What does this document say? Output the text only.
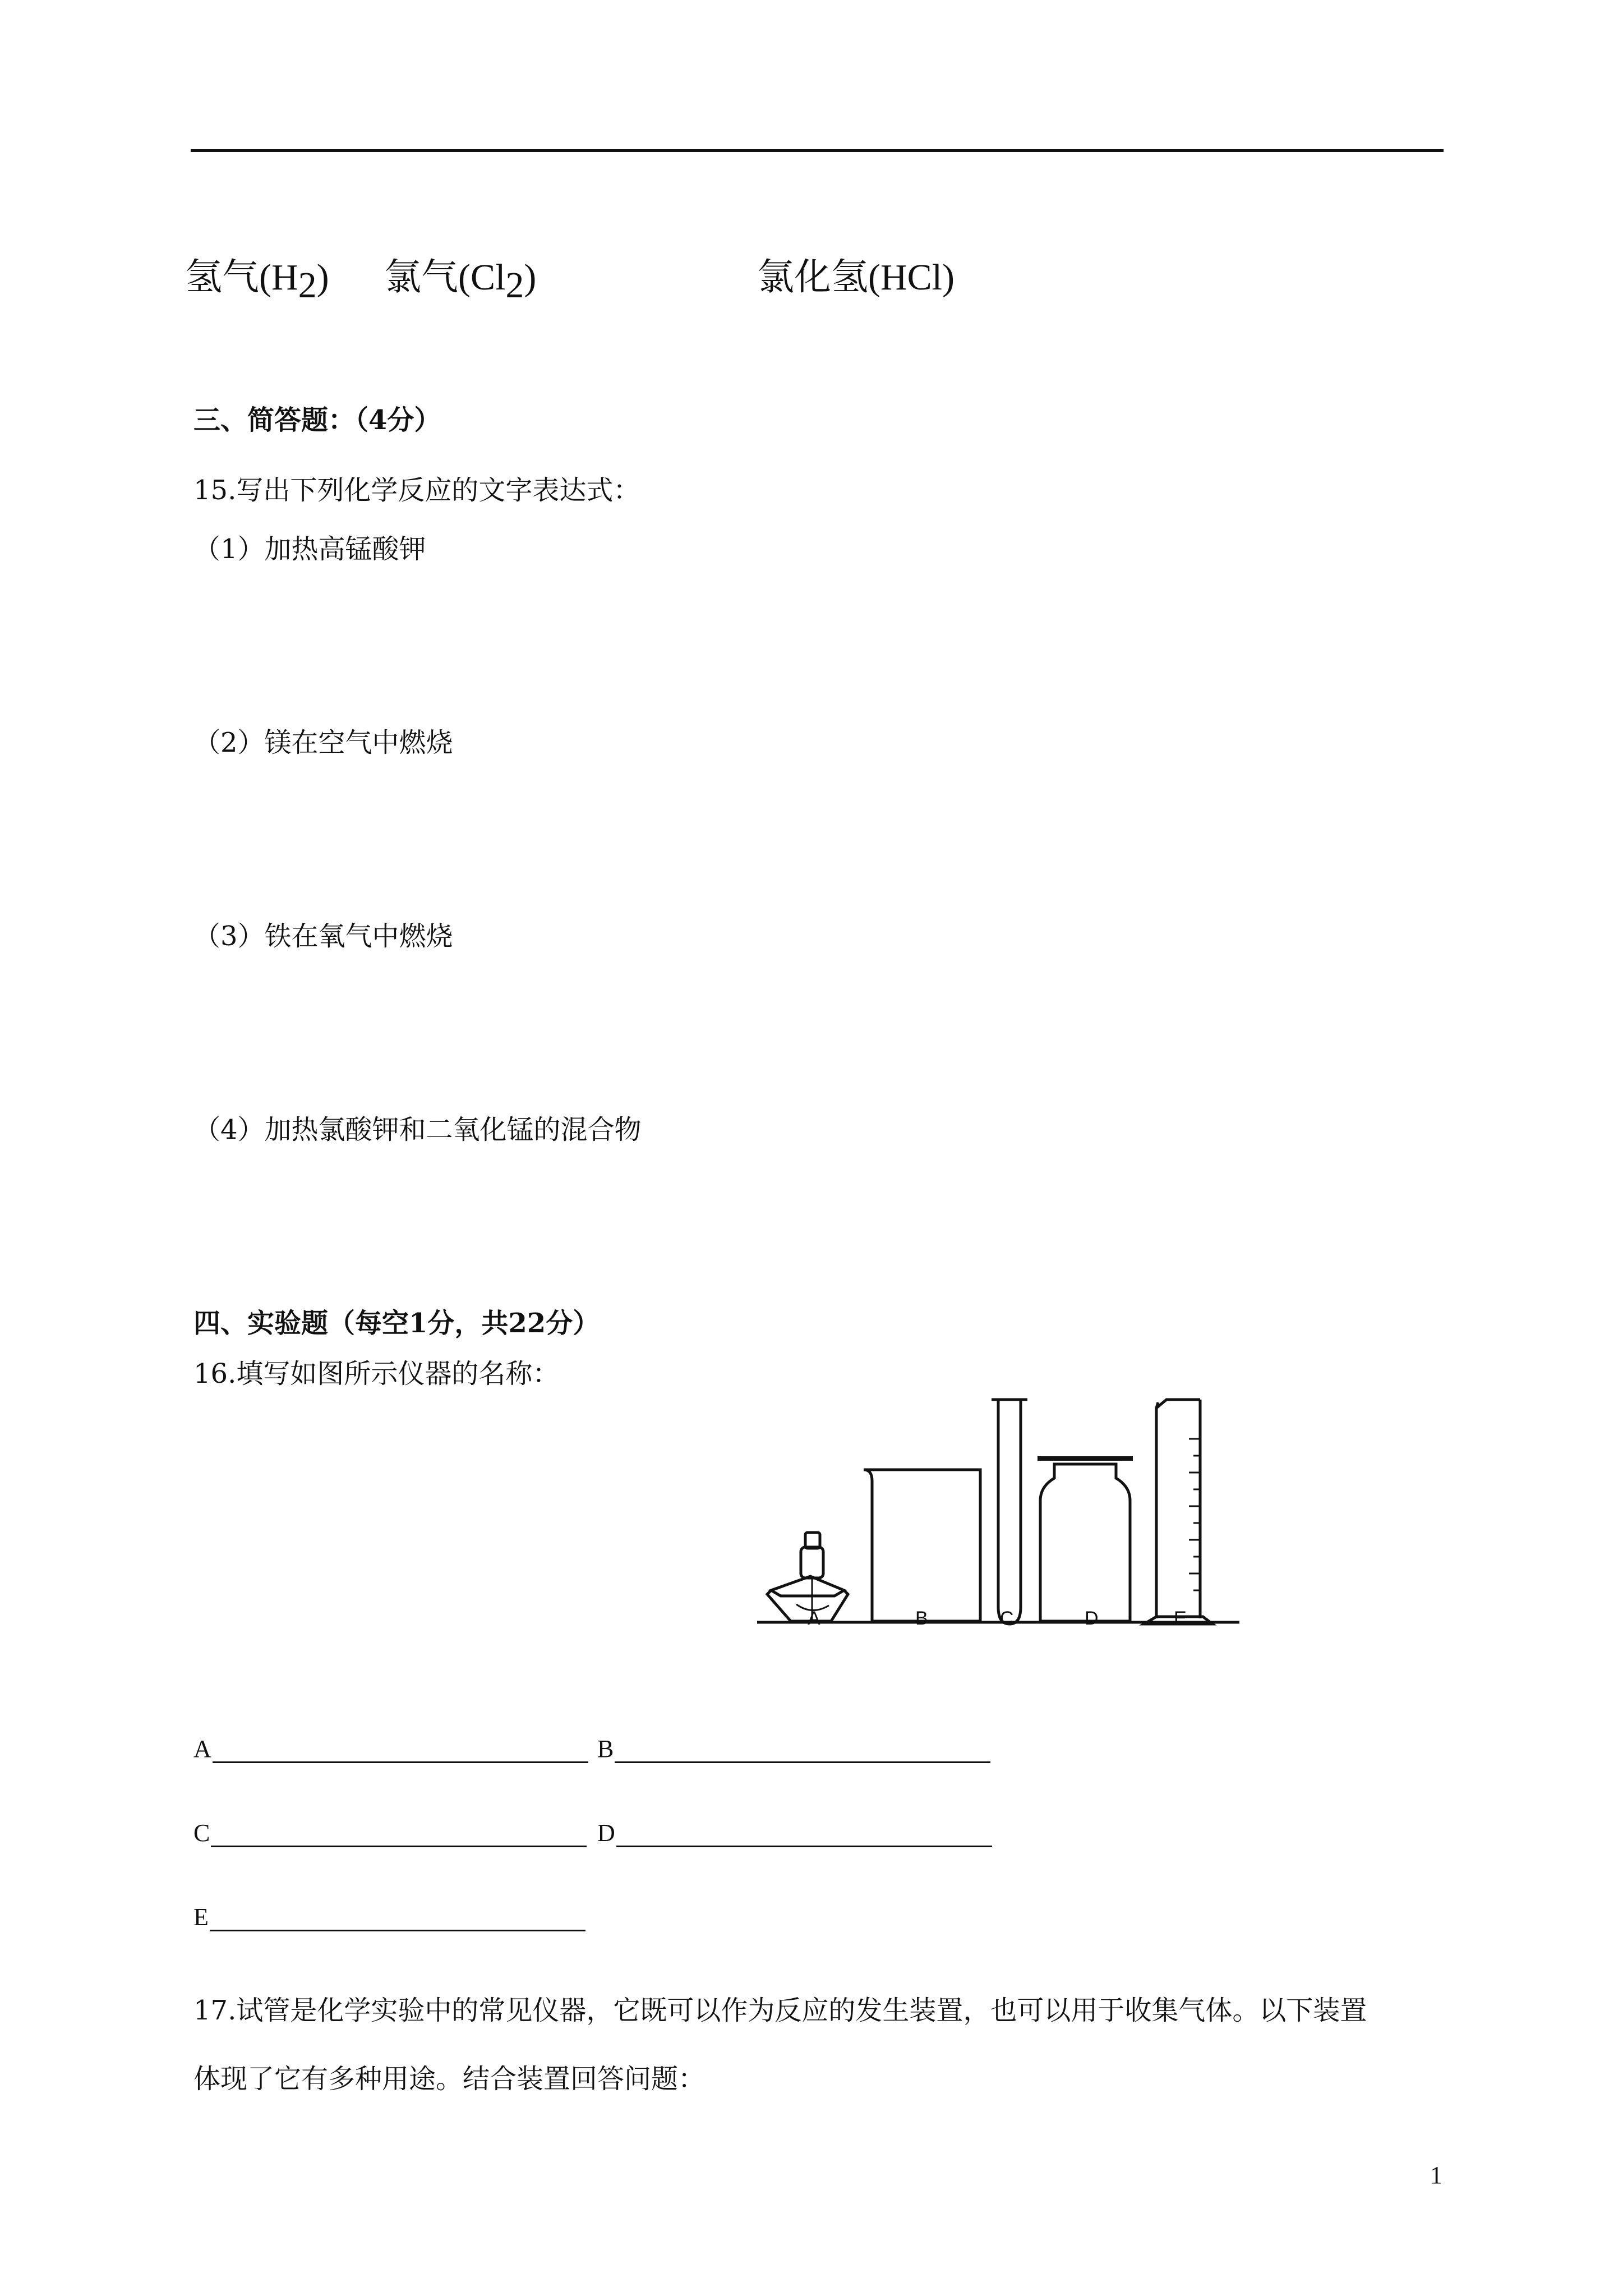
氢气$(H_2)$ 氯气$(Cl_2)$	氯化氢(HCl)
三、简答题：（4分）
15.写出下列化学反应的文字表达式：
（1）加热高锰酸钾
（2）镁在空气中燃烧
（3）铁在氧气中燃烧
（4）加热氯酸钾和二氧化锰的混合物
四、实验题（每空1分，共22分）
16.填写如图所示仪器的名称：
A	B	C	D	E
A	B
C	D
E
17.试管是化学实验中的常见仪器，它既可以作为反应的发生装置，也可以用于收集气体。以下装置
体现了它有多种用途。结合装置回答问题：
1
